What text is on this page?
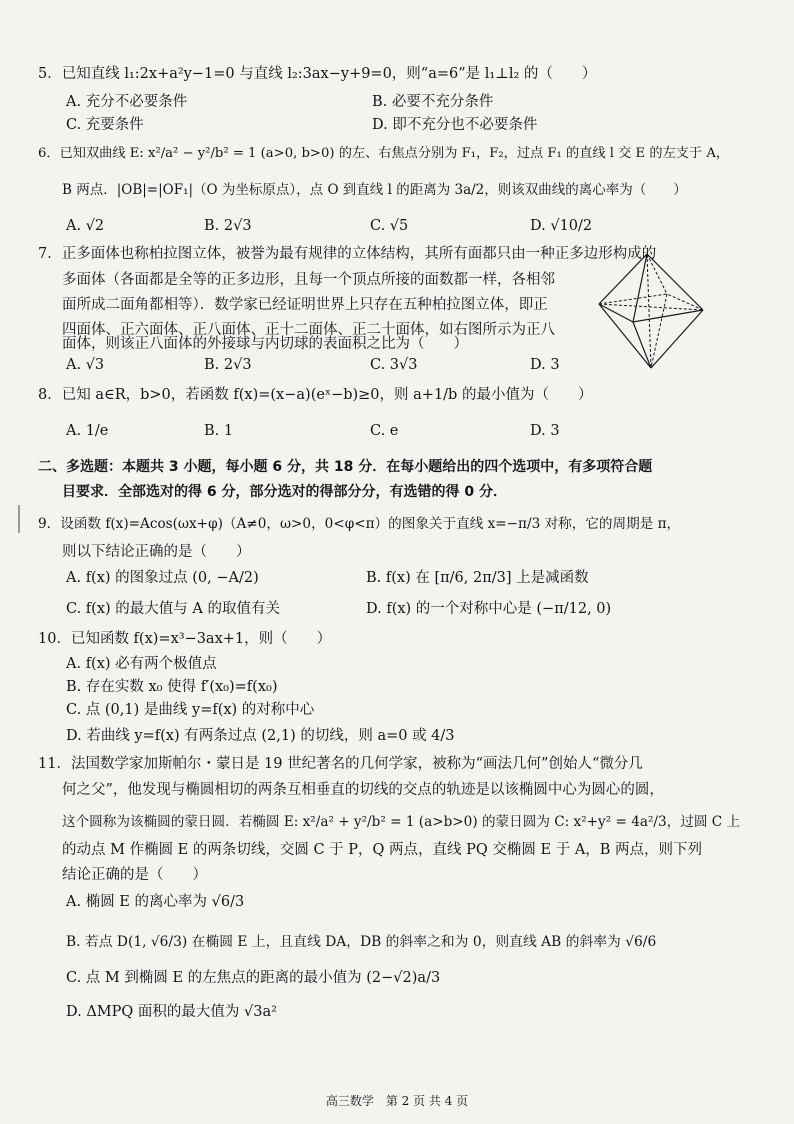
5．已知直线 l₁:2x+a²y−1=0 与直线 l₂:3ax−y+9=0，则“a=6”是 l₁⊥l₂ 的（　　）
A. 充分不必要条件	B. 必要不充分条件
C. 充要条件	D. 即不充分也不必要条件
6．已知双曲线 E: x²/a² − y²/b² = 1 (a>0, b>0) 的左、右焦点分别为 F₁，F₂，过点 F₁ 的直线 l 交 E 的左支于 A，
B 两点．|OB|=|OF₁|（O 为坐标原点），点 O 到直线 l 的距离为 3a/2，则该双曲线的离心率为（　　）
A. √2	B. 2√3	C. √5	D. √10/2
7．正多面体也称柏拉图立体，被誉为最有规律的立体结构，其所有面都只由一种正多边形构成的
多面体（各面都是全等的正多边形，且每一个顶点所接的面数都一样，各相邻
面所成二面角都相等）．数学家已经证明世界上只存在五种柏拉图立体，即正
四面体、正六面体、正八面体、正十二面体、正二十面体，如右图所示为正八
面体，则该正八面体的外接球与内切球的表面积之比为（　　）
A. √3	B. 2√3	C. 3√3	D. 3
8．已知 a∈R，b>0，若函数 f(x)=(x−a)(eˣ−b)≥0，则 a+1/b 的最小值为（　　）
A. 1/e	B. 1	C. e	D. 3
二、多选题：本题共 3 小题，每小题 6 分，共 18 分．在每小题给出的四个选项中，有多项符合题
目要求．全部选对的得 6 分，部分选对的得部分分，有选错的得 0 分．
9．设函数 f(x)=Acos(ωx+φ)（A≠0，ω>0，0<φ<π）的图象关于直线 x=−π/3 对称，它的周期是 π，
则以下结论正确的是（　　）
A. f(x) 的图象过点 (0, −A/2)	B. f(x) 在 [π/6, 2π/3] 上是减函数
C. f(x) 的最大值与 A 的取值有关	D. f(x) 的一个对称中心是 (−π/12, 0)
10．已知函数 f(x)=x³−3ax+1，则（　　）
A. f(x) 必有两个极值点
B. 存在实数 x₀ 使得 f′(x₀)=f(x₀)
C. 点 (0,1) 是曲线 y=f(x) 的对称中心
D. 若曲线 y=f(x) 有两条过点 (2,1) 的切线，则 a=0 或 4/3
11．法国数学家加斯帕尔・蒙日是 19 世纪著名的几何学家，被称为“画法几何”创始人“微分几
何之父”，他发现与椭圆相切的两条互相垂直的切线的交点的轨迹是以该椭圆中心为圆心的圆，
这个圆称为该椭圆的蒙日圆．若椭圆 E: x²/a² + y²/b² = 1 (a>b>0) 的蒙日圆为 C: x²+y² = 4a²/3，过圆 C 上
的动点 M 作椭圆 E 的两条切线，交圆 C 于 P，Q 两点，直线 PQ 交椭圆 E 于 A，B 两点，则下列
结论正确的是（　　）
A. 椭圆 E 的离心率为 √6/3
B. 若点 D(1, √6/3) 在椭圆 E 上，且直线 DA，DB 的斜率之和为 0，则直线 AB 的斜率为 √6/6
C. 点 M 到椭圆 E 的左焦点的距离的最小值为 (2−√2)a/3
D. ΔMPQ 面积的最大值为 √3a²
高三数学　第 2 页 共 4 页
